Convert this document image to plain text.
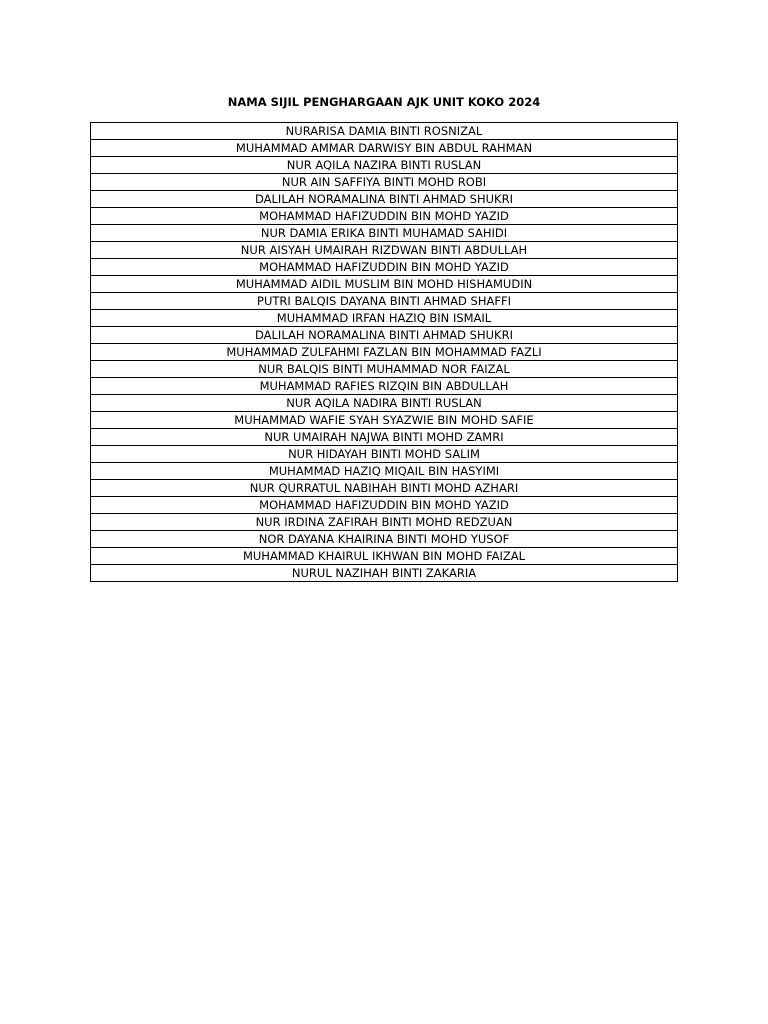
NAMA SIJIL PENGHARGAAN AJK UNIT KOKO 2024
NURARISA DAMIA BINTI ROSNIZAL
MUHAMMAD AMMAR DARWISY BIN ABDUL RAHMAN
NUR AQILA NAZIRA BINTI RUSLAN
NUR AIN SAFFIYA BINTI MOHD ROBI
DALILAH NORAMALINA BINTI AHMAD SHUKRI
MOHAMMAD HAFIZUDDIN BIN MOHD YAZID
NUR DAMIA ERIKA BINTI MUHAMAD SAHIDI
NUR AISYAH UMAIRAH RIZDWAN BINTI ABDULLAH
MOHAMMAD HAFIZUDDIN BIN MOHD YAZID
MUHAMMAD AIDIL MUSLIM BIN MOHD HISHAMUDIN
PUTRI BALQIS DAYANA BINTI AHMAD SHAFFI
MUHAMMAD IRFAN HAZIQ BIN ISMAIL
DALILAH NORAMALINA BINTI AHMAD SHUKRI
MUHAMMAD ZULFAHMI FAZLAN BIN MOHAMMAD FAZLI
NUR BALQIS BINTI MUHAMMAD NOR FAIZAL
MUHAMMAD RAFIES RIZQIN BIN ABDULLAH
NUR AQILA NADIRA BINTI RUSLAN
MUHAMMAD WAFIE SYAH SYAZWIE BIN MOHD SAFIE
NUR UMAIRAH NAJWA BINTI MOHD ZAMRI
NUR HIDAYAH BINTI MOHD SALIM
MUHAMMAD HAZIQ MIQAIL BIN HASYIMI
NUR QURRATUL NABIHAH BINTI MOHD AZHARI
MOHAMMAD HAFIZUDDIN BIN MOHD YAZID
NUR IRDINA ZAFIRAH BINTI MOHD REDZUAN
NOR DAYANA KHAIRINA BINTI MOHD YUSOF
MUHAMMAD KHAIRUL IKHWAN BIN MOHD FAIZAL
NURUL NAZIHAH BINTI ZAKARIA
